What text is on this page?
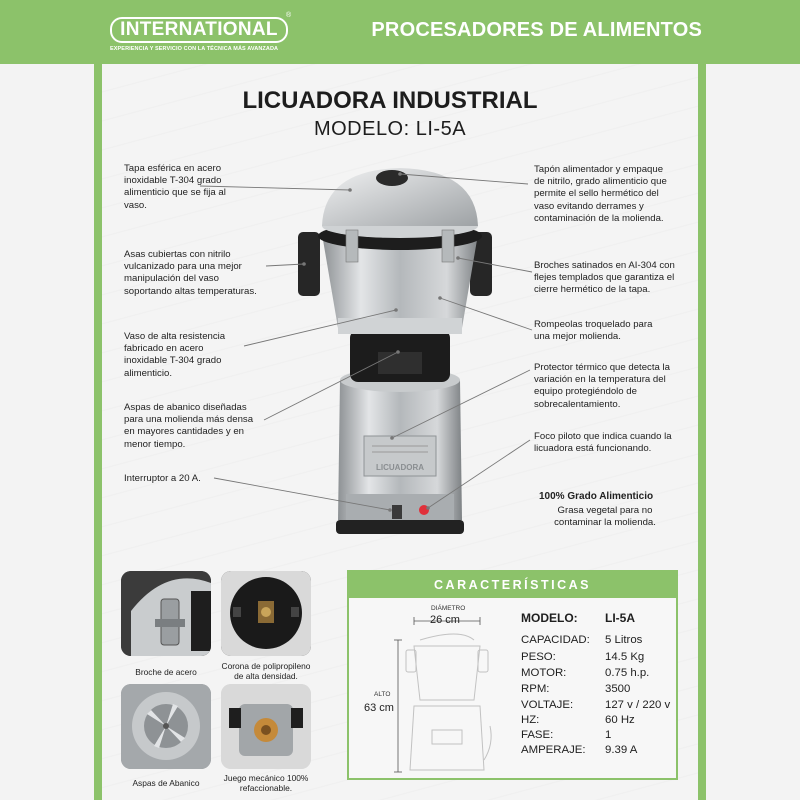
INTERNATIONAL
®
EXPERIENCIA Y SERVICIO CON LA TÉCNICA MÁS AVANZADA
PROCESADORES DE ALIMENTOS
LICUADORA INDUSTRIAL
MODELO: LI-5A
LICUADORA
Tapa esférica en acero inoxidable T-304 grado alimenticio que se fija al vaso.
Asas cubiertas con nitrilo vulcanizado para una mejor manipulación del vaso soportando altas temperaturas.
Vaso de alta resistencia fabricado en acero inoxidable T-304 grado alimenticio.
Aspas de abanico diseñadas para una molienda más densa en mayores cantidades y en menor tiempo.
Interruptor a 20 A.
Tapón alimentador y empaque de nitrilo, grado alimenticio que permite el sello hermético del vaso evitando derrames y contaminación de la molienda.
Broches satinados en AI-304 con flejes templados que garantiza el cierre hermético de la tapa.
Rompeolas troquelado para una mejor molienda.
Protector térmico que detecta la variación en la temperatura del equipo protegiéndolo de sobrecalentamiento.
Foco piloto que indica cuando la licuadora está funcionando.
100% Grado Alimenticio
Grasa vegetal para no contaminar la molienda.
Broche de acero
Corona de polipropileno de alta densidad.
Aspas de Abanico	Juego mecánico 100% refaccionable.
CARACTERÍSTICAS
DIÁMETRO
26 cm
ALTO
63 cm
MODELO: LI-5A
CAPACIDAD: 5 Litros
PESO:	14.5 Kg
MOTOR:	0.75 h.p.
RPM:	3500
VOLTAJE:	127 v / 220 v
HZ:	60 Hz
FASE:	1
AMPERAJE: 9.39 A
